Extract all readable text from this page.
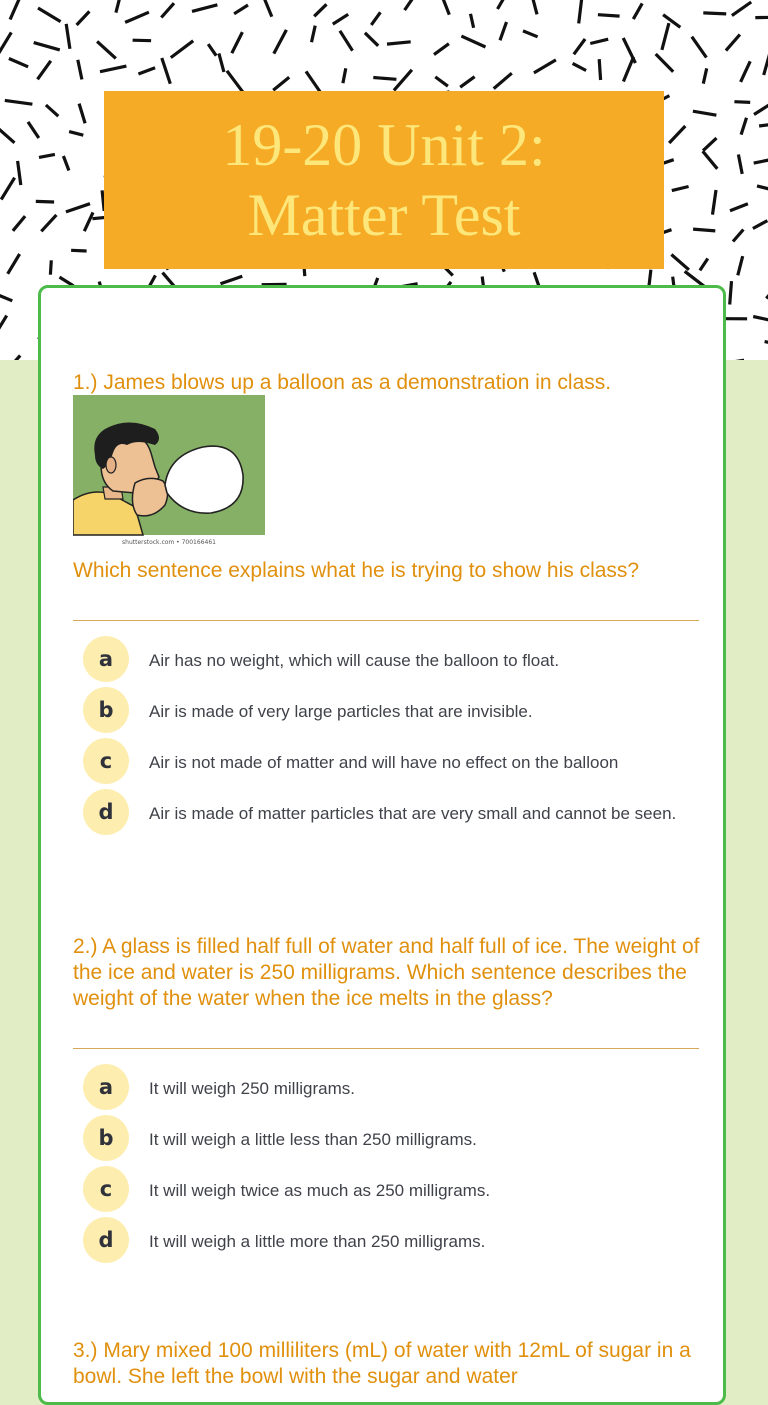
19-20 Unit 2:
Matter Test
1.) James blows up a balloon as a demonstration in class.
shutterstock.com • 700166461
Which sentence explains what he is trying to show his class?
a	Air has no weight, which will cause the balloon to float.
b	Air is made of very large particles that are invisible.
c	Air is not made of matter and will have no effect on the balloon
d	Air is made of matter particles that are very small and cannot be seen.
2.) A glass is filled half full of water and half full of ice. The weight of the ice and water is 250 milligrams. Which sentence describes the weight of the water when the ice melts in the glass?
a	It will weigh 250 milligrams.
b	It will weigh a little less than 250 milligrams.
c	It will weigh twice as much as 250 milligrams.
d	It will weigh a little more than 250 milligrams.
3.) Mary mixed 100 milliliters (mL) of water with 12mL of sugar in a bowl. She left the bowl with the sugar and water
